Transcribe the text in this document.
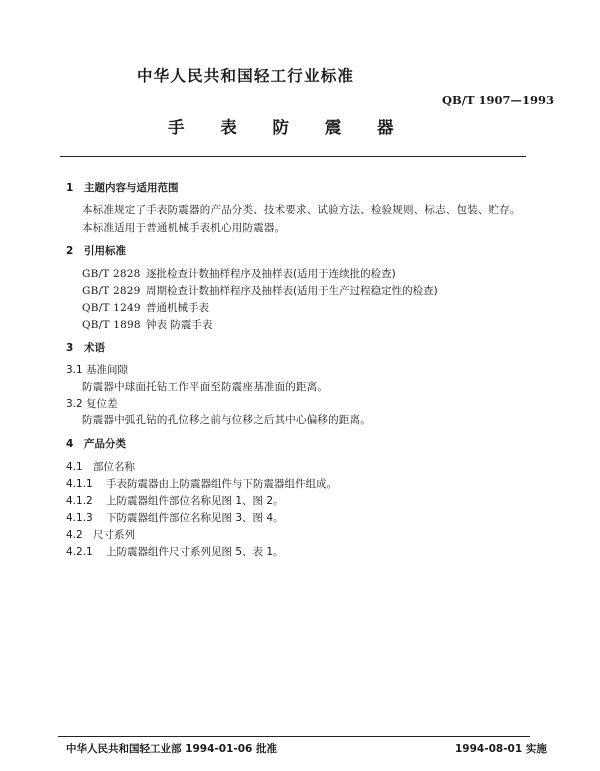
中华人民共和国轻工行业标准
QB/T 1907—1993
手 表 防 震 器
1 主题内容与适用范围
本标准规定了手表防震器的产品分类、技术要求、试验方法、检验规则、标志、包装、贮存。
本标准适用于普通机械手表机心用防震器。
2 引用标准
GB/T 2828 逐批检查计数抽样程序及抽样表(适用于连续批的检查)
GB/T 2829 周期检查计数抽样程序及抽样表(适用于生产过程稳定性的检查)
QB/T 1249 普通机械手表
QB/T 1898 钟表 防震手表
3 术语
3.1 基准间隙
防震器中球面托钻工作平面至防震座基准面的距离。
3.2 复位差
防震器中弧孔钻的孔位移之前与位移之后其中心偏移的距离。
4 产品分类
4.1 部位名称
4.1.1 手表防震器由上防震器组件与下防震器组件组成。
4.1.2 上防震器组件部位名称见图 1、图 2。
4.1.3 下防震器组件部位名称见图 3、图 4。
4.2 尺寸系列
4.2.1 上防震器组件尺寸系列见图 5、表 1。
中华人民共和国轻工业部 1994-01-06 批准	1994-08-01 实施
